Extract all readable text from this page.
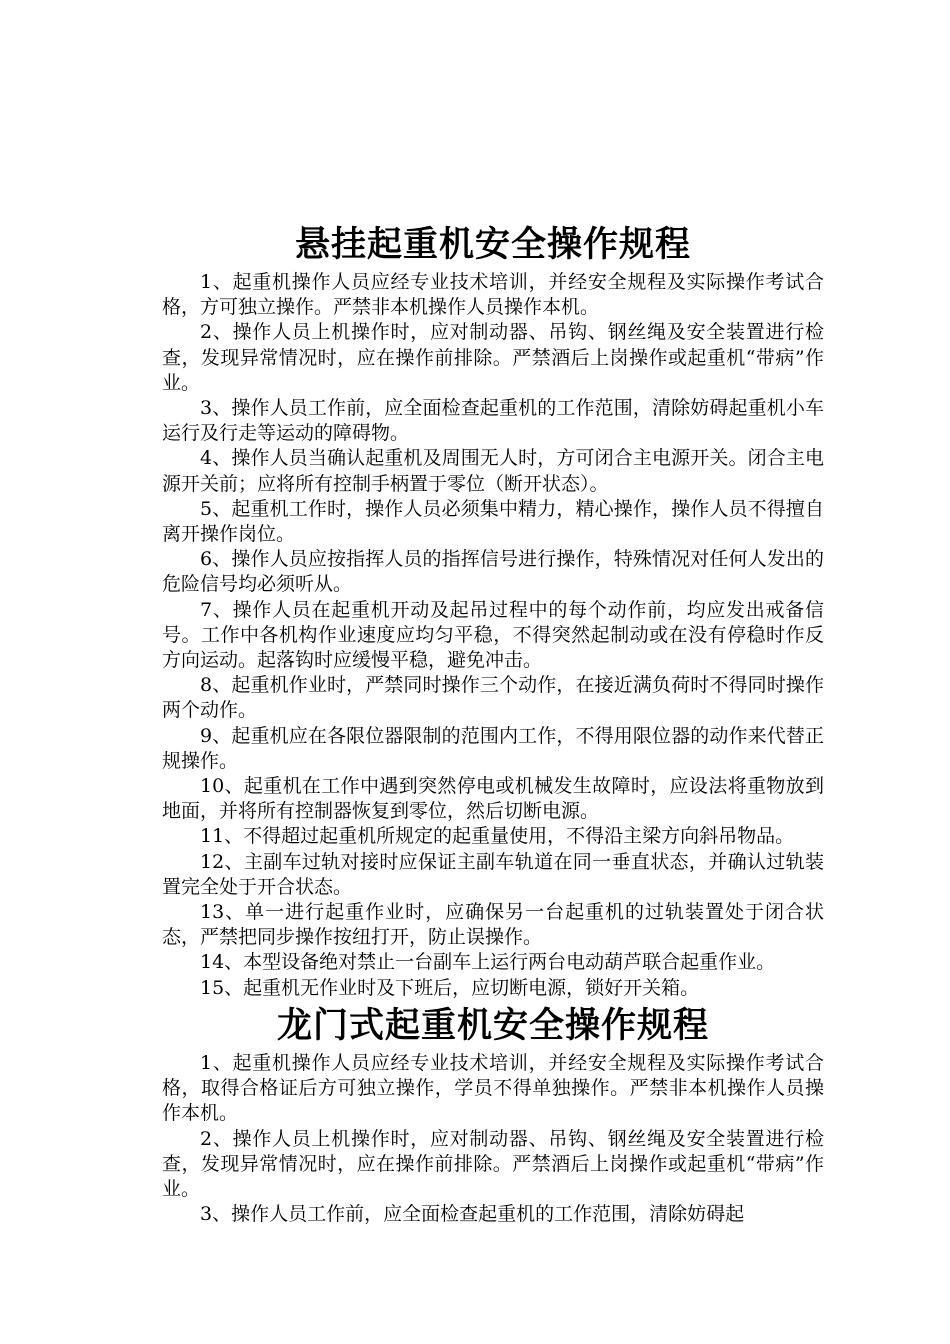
悬挂起重机安全操作规程

1、起重机操作人员应经专业技术培训，并经安全规程及实际操作考试合格，方可独立操作。严禁非本机操作人员操作本机。

2、操作人员上机操作时，应对制动器、吊钩、钢丝绳及安全装置进行检查，发现异常情况时，应在操作前排除。严禁酒后上岗操作或起重机“带病”作业。

3、操作人员工作前，应全面检查起重机的工作范围，清除妨碍起重机小车运行及行走等运动的障碍物。

4、操作人员当确认起重机及周围无人时，方可闭合主电源开关。闭合主电源开关前；应将所有控制手柄置于零位（断开状态）。

5、起重机工作时，操作人员必须集中精力，精心操作，操作人员不得擅自离开操作岗位。

6、操作人员应按指挥人员的指挥信号进行操作，特殊情况对任何人发出的危险信号均必须听从。

7、操作人员在起重机开动及起吊过程中的每个动作前，均应发出戒备信号。工作中各机构作业速度应均匀平稳，不得突然起制动或在没有停稳时作反方向运动。起落钩时应缓慢平稳，避免冲击。

8、起重机作业时，严禁同时操作三个动作，在接近满负荷时不得同时操作两个动作。

9、起重机应在各限位器限制的范围内工作，不得用限位器的动作来代替正规操作。

10、起重机在工作中遇到突然停电或机械发生故障时，应设法将重物放到地面，并将所有控制器恢复到零位，然后切断电源。

11、不得超过起重机所规定的起重量使用，不得沿主梁方向斜吊物品。

12、主副车过轨对接时应保证主副车轨道在同一垂直状态，并确认过轨装置完全处于开合状态。

13、单一进行起重作业时，应确保另一台起重机的过轨装置处于闭合状态，严禁把同步操作按纽打开，防止误操作。

14、本型设备绝对禁止一台副车上运行两台电动葫芦联合起重作业。

15、起重机无作业时及下班后，应切断电源，锁好开关箱。

龙门式起重机安全操作规程

1、起重机操作人员应经专业技术培训，并经安全规程及实际操作考试合格，取得合格证后方可独立操作，学员不得单独操作。严禁非本机操作人员操作本机。

2、操作人员上机操作时，应对制动器、吊钩、钢丝绳及安全装置进行检查，发现异常情况时，应在操作前排除。严禁酒后上岗操作或起重机“带病”作业。

3、操作人员工作前，应全面检查起重机的工作范围，清除妨碍起
